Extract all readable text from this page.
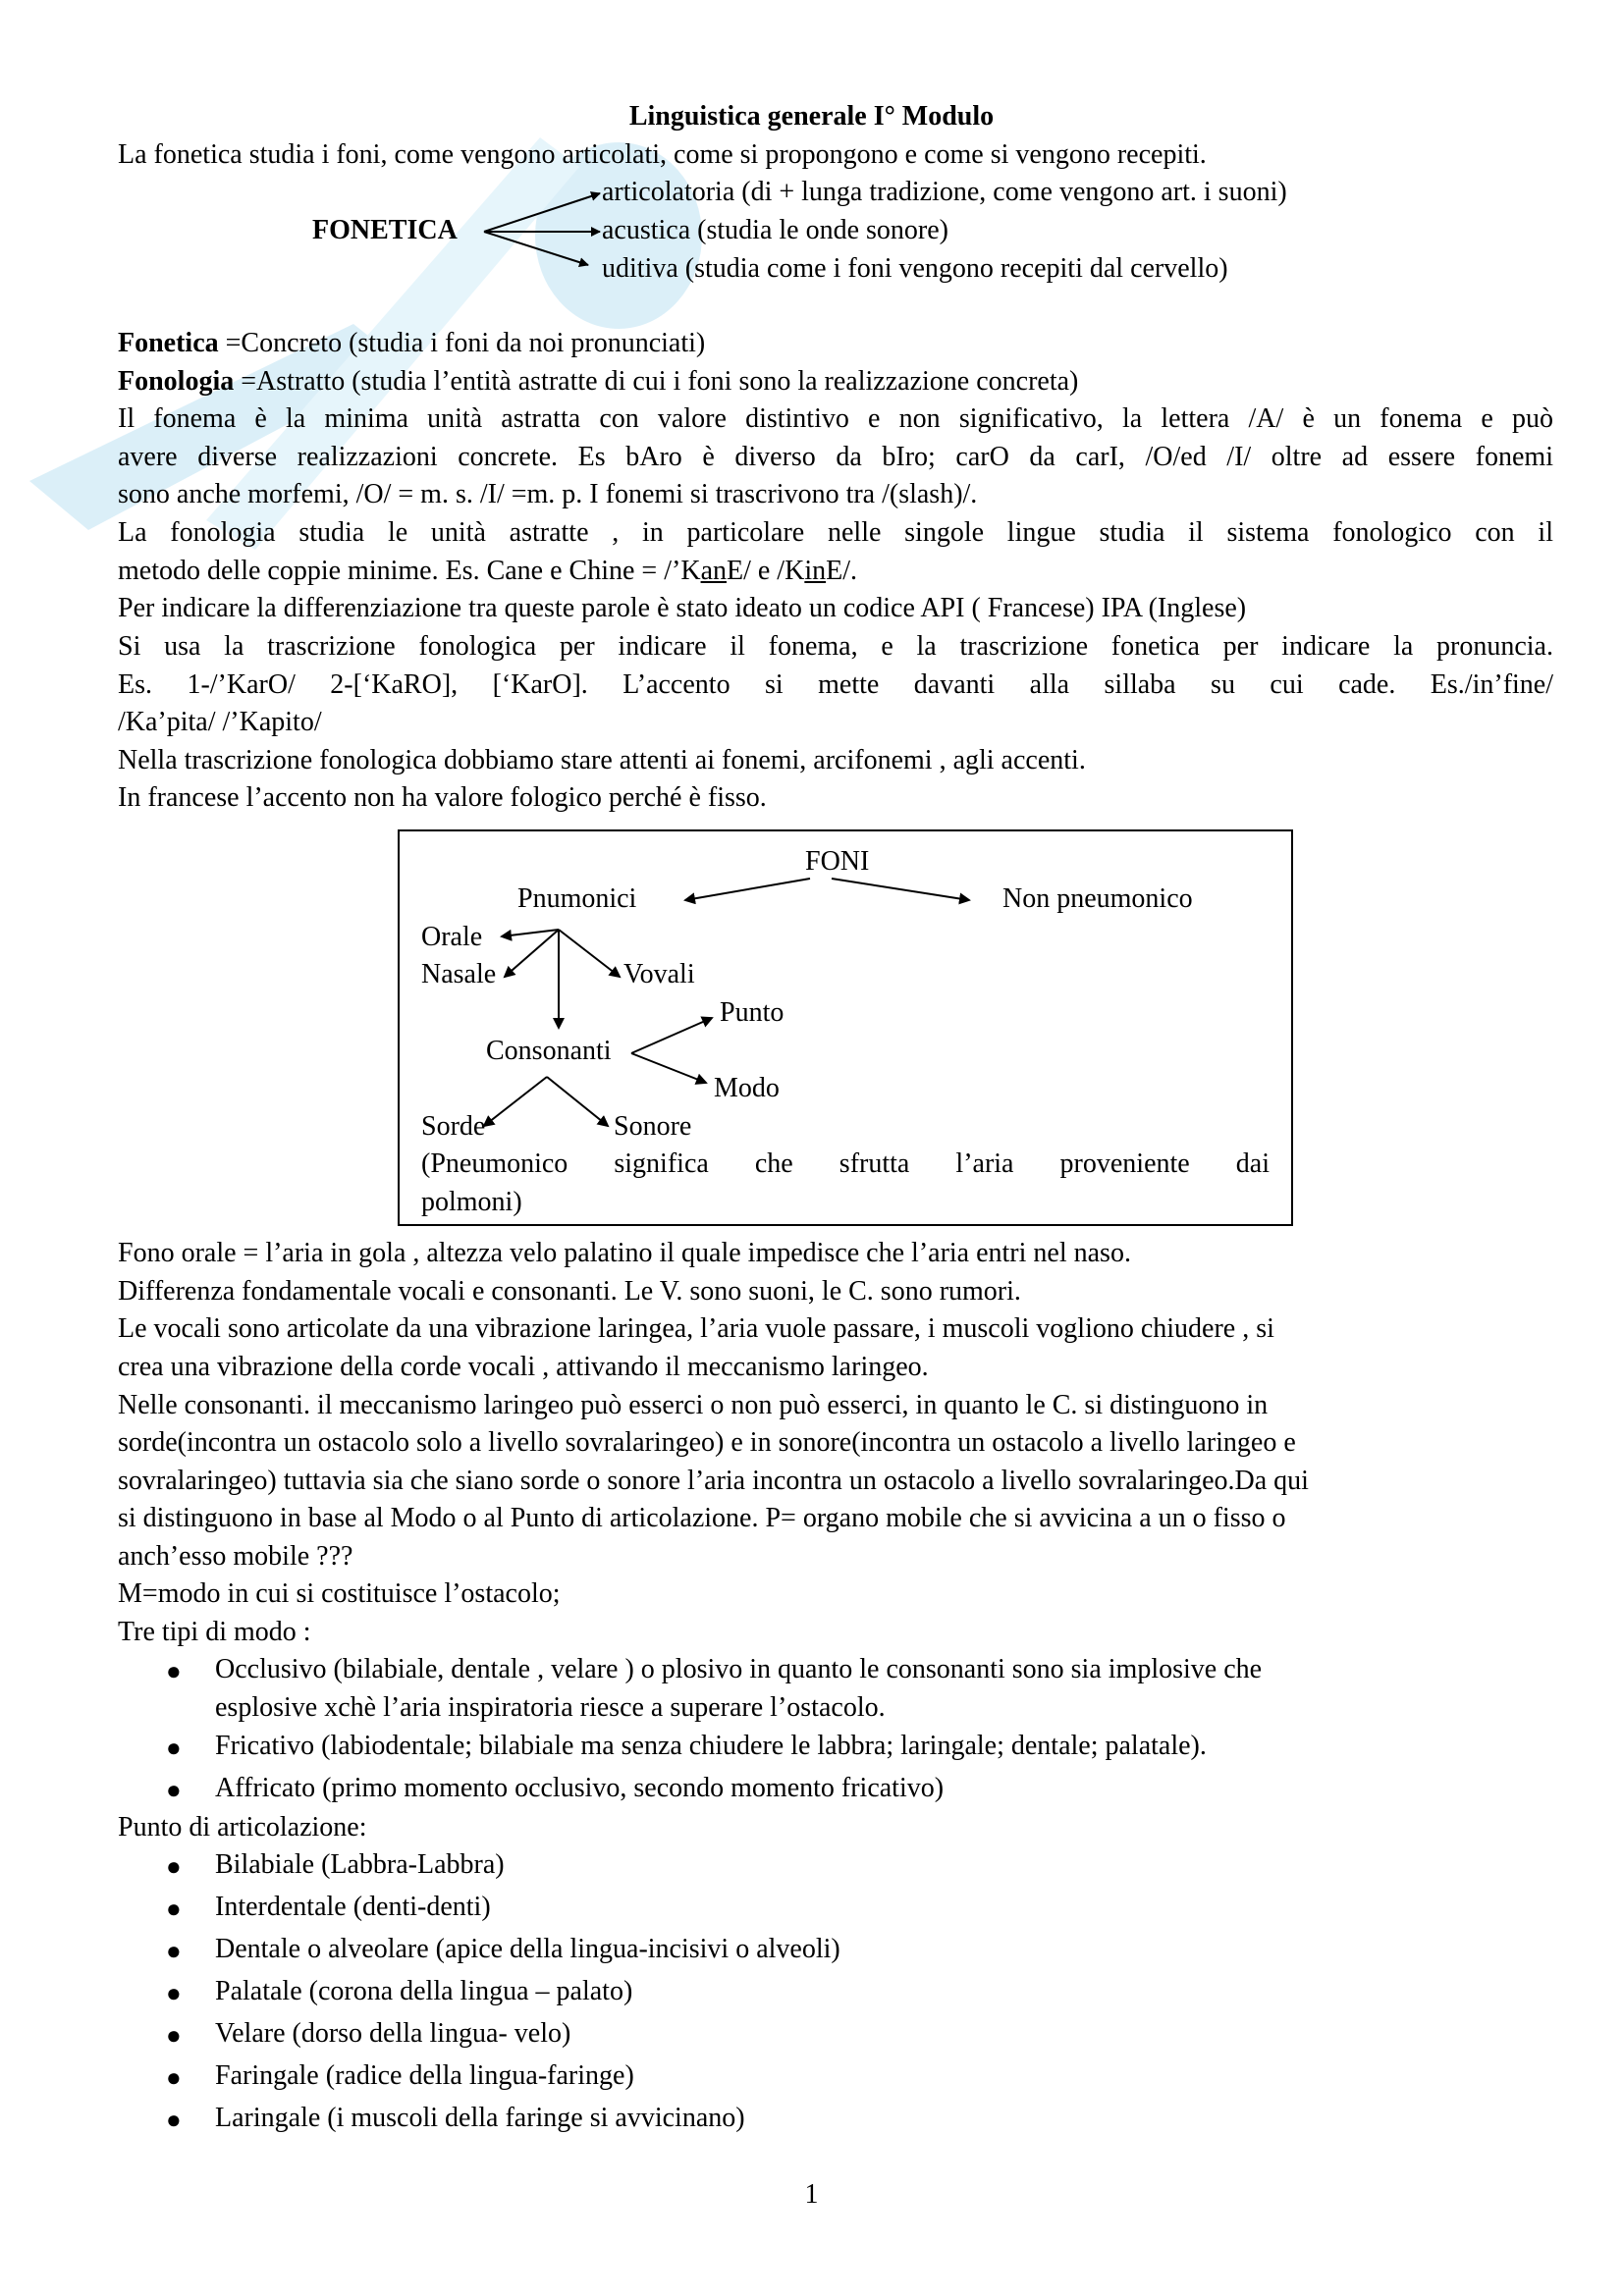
Linguistica generale I° Modulo
La fonetica studia i foni, come vengono articolati, come si propongono e come si vengono recepiti.
FONETICA
articolatoria (di + lunga tradizione, come vengono art. i suoni)
acustica (studia le onde sonore)
uditiva (studia come i foni vengono recepiti dal cervello)
Fonetica =Concreto (studia i foni da noi pronunciati)
Fonologia =Astratto (studia l’entità astratte di cui i foni sono la realizzazione concreta)
Il fonema è la minima unità astratta con valore distintivo e non significativo, la lettera /A/ è un fonema e può
avere diverse realizzazioni concrete. Es bAro è diverso da bIro; carO da carI, /O/ed /I/ oltre ad essere fonemi
sono anche morfemi, /O/ = m. s. /I/ =m. p. I fonemi si trascrivono tra /(slash)/.
La fonologia studia le unità astratte , in particolare nelle singole lingue studia il sistema fonologico con il
metodo delle coppie minime. Es. Cane e Chine = /’KanE/ e /KinE/.
Per indicare la differenziazione tra queste parole è stato ideato un codice API ( Francese) IPA (Inglese)
Si usa la trascrizione fonologica per indicare il fonema, e la trascrizione fonetica per indicare la pronuncia.
Es. 1-/’KarO/ 2-[‘KaRO], [‘KarO]. L’accento si mette davanti alla sillaba su cui cade. Es./in’fine/
/Ka’pita/ /’Kapito/
Nella trascrizione fonologica dobbiamo stare attenti ai fonemi, arcifonemi , agli accenti.
In francese l’accento non ha valore fologico perché è fisso.
FONI
Pnumonici	Non pneumonico
Orale
Nasale	Vovali
Punto
Consonanti
Modo
Sorde	Sonore
(Pneumonico significa che sfrutta l’aria proveniente dai
polmoni)
Fono orale = l’aria in gola , altezza velo palatino il quale impedisce che l’aria entri nel naso.
Differenza fondamentale vocali e consonanti. Le V. sono suoni, le C. sono rumori.
Le vocali sono articolate da una vibrazione laringea, l’aria vuole passare, i muscoli vogliono chiudere , si
crea una vibrazione della corde vocali , attivando il meccanismo laringeo.
Nelle consonanti. il meccanismo laringeo può esserci o non può esserci, in quanto le C. si distinguono in
sorde(incontra un ostacolo solo a livello sovralaringeo) e in sonore(incontra un ostacolo a livello laringeo e
sovralaringeo) tuttavia sia che siano sorde o sonore l’aria incontra un ostacolo a livello sovralaringeo.Da qui
si distinguono in base al Modo o al Punto di articolazione. P= organo mobile che si avvicina a un o fisso o
anch’esso mobile ???
M=modo in cui si costituisce l’ostacolo;
Tre tipi di modo :
● Occlusivo (bilabiale, dentale , velare ) o plosivo in quanto le consonanti sono sia implosive che
esplosive xchè l’aria inspiratoria riesce a superare l’ostacolo.
● Fricativo (labiodentale; bilabiale ma senza chiudere le labbra; laringale; dentale; palatale).
● Affricato (primo momento occlusivo, secondo momento fricativo)
Punto di articolazione:
● Bilabiale (Labbra-Labbra)
● Interdentale (denti-denti)
● Dentale o alveolare (apice della lingua-incisivi o alveoli)
● Palatale (corona della lingua – palato)
● Velare (dorso della lingua- velo)
● Faringale (radice della lingua-faringe)
● Laringale (i muscoli della faringe si avvicinano)
1
